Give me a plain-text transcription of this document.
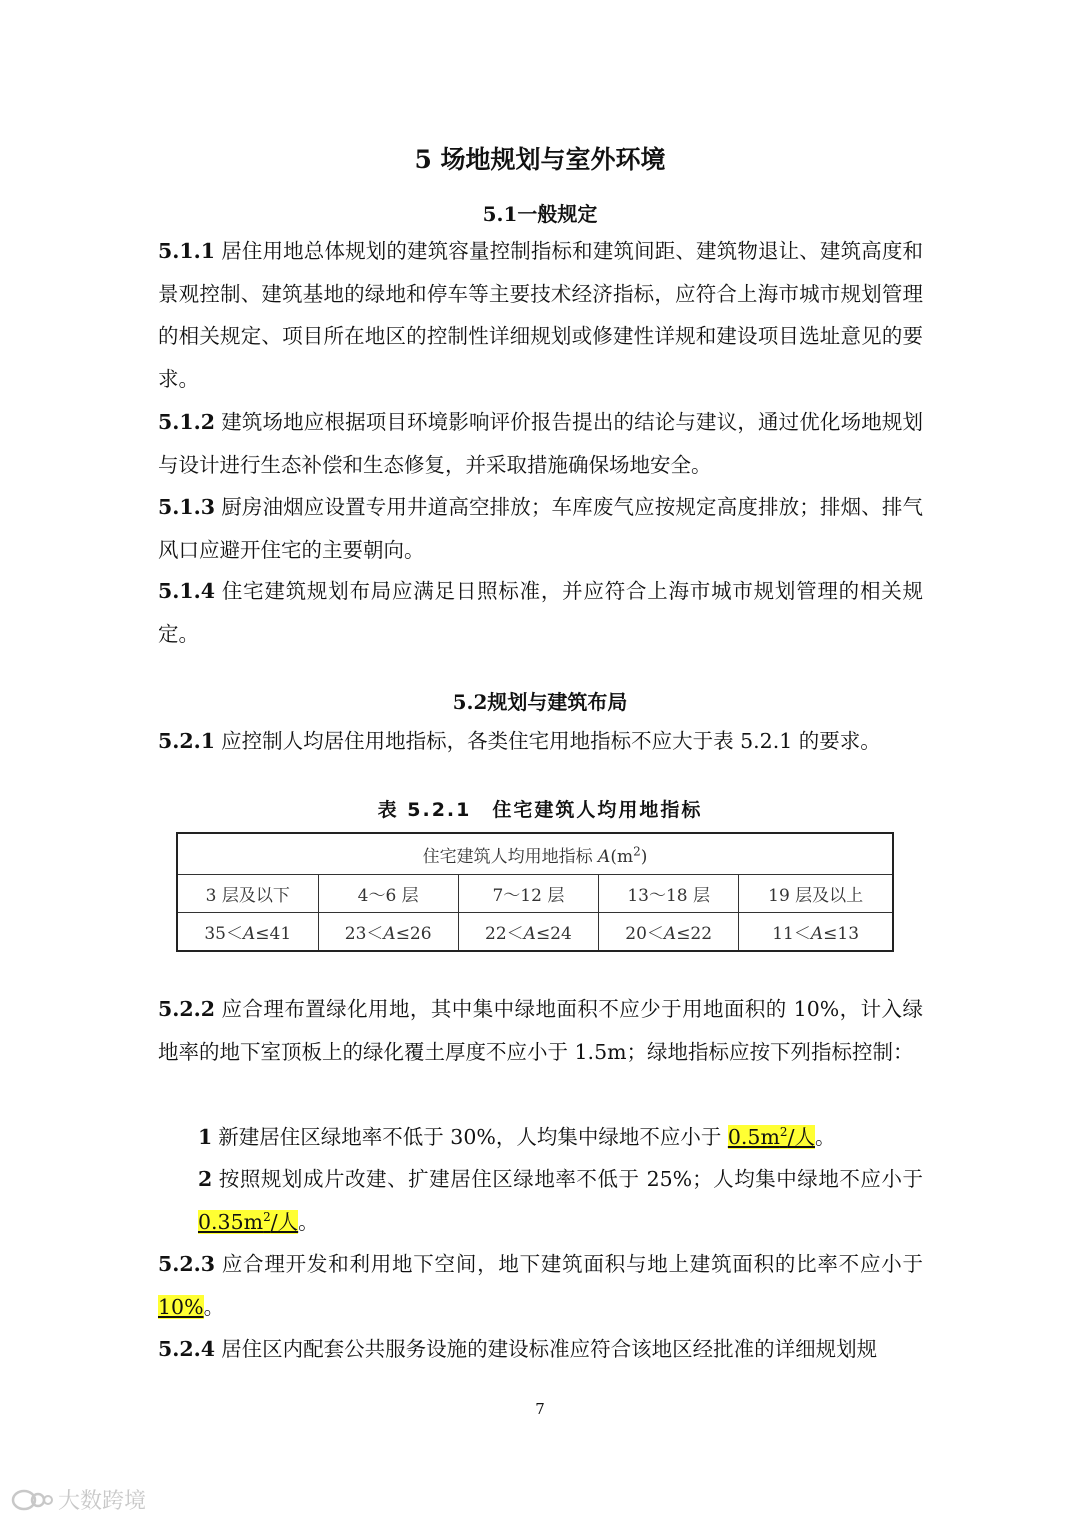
5 场地规划与室外环境
5.1一般规定
5.1.1 居住用地总体规划的建筑容量控制指标和建筑间距、建筑物退让、建筑高度和景观控制、建筑基地的绿地和停车等主要技术经济指标，应符合上海市城市规划管理的相关规定、项目所在地区的控制性详细规划或修建性详规和建设项目选址意见的要求。
5.1.2 建筑场地应根据项目环境影响评价报告提出的结论与建议，通过优化场地规划与设计进行生态补偿和生态修复，并采取措施确保场地安全。
5.1.3 厨房油烟应设置专用井道高空排放；车库废气应按规定高度排放；排烟、排气风口应避开住宅的主要朝向。
5.1.4 住宅建筑规划布局应满足日照标准，并应符合上海市城市规划管理的相关规定。
5.2规划与建筑布局
5.2.1 应控制人均居住用地指标，各类住宅用地指标不应大于表 5.2.1 的要求。
表 5.2.1　住宅建筑人均用地指标
住宅建筑人均用地指标 $A(m^2)$				
3 层及以下	4～6 层	7～12 层	13～18 层	19 层及以上
35＜A≤41	23＜A≤26	22＜A≤24	20＜A≤22	11＜A≤13
5.2.2 应合理布置绿化用地，其中集中绿地面积不应少于用地面积的 10%，计入绿地率的地下室顶板上的绿化覆土厚度不应小于 1.5m；绿地指标应按下列指标控制：
1 新建居住区绿地率不低于 30%，人均集中绿地不应小于 $0.5m^2/$人。
2 按照规划成片改建、扩建居住区绿地率不低于 25%；人均集中绿地不应小于 $0.35m^2/$人。
5.2.3 应合理开发和利用地下空间，地下建筑面积与地上建筑面积的比率不应小于 10%。
5.2.4 居住区内配套公共服务设施的建设标准应符合该地区经批准的详细规划规
7
大数跨境
